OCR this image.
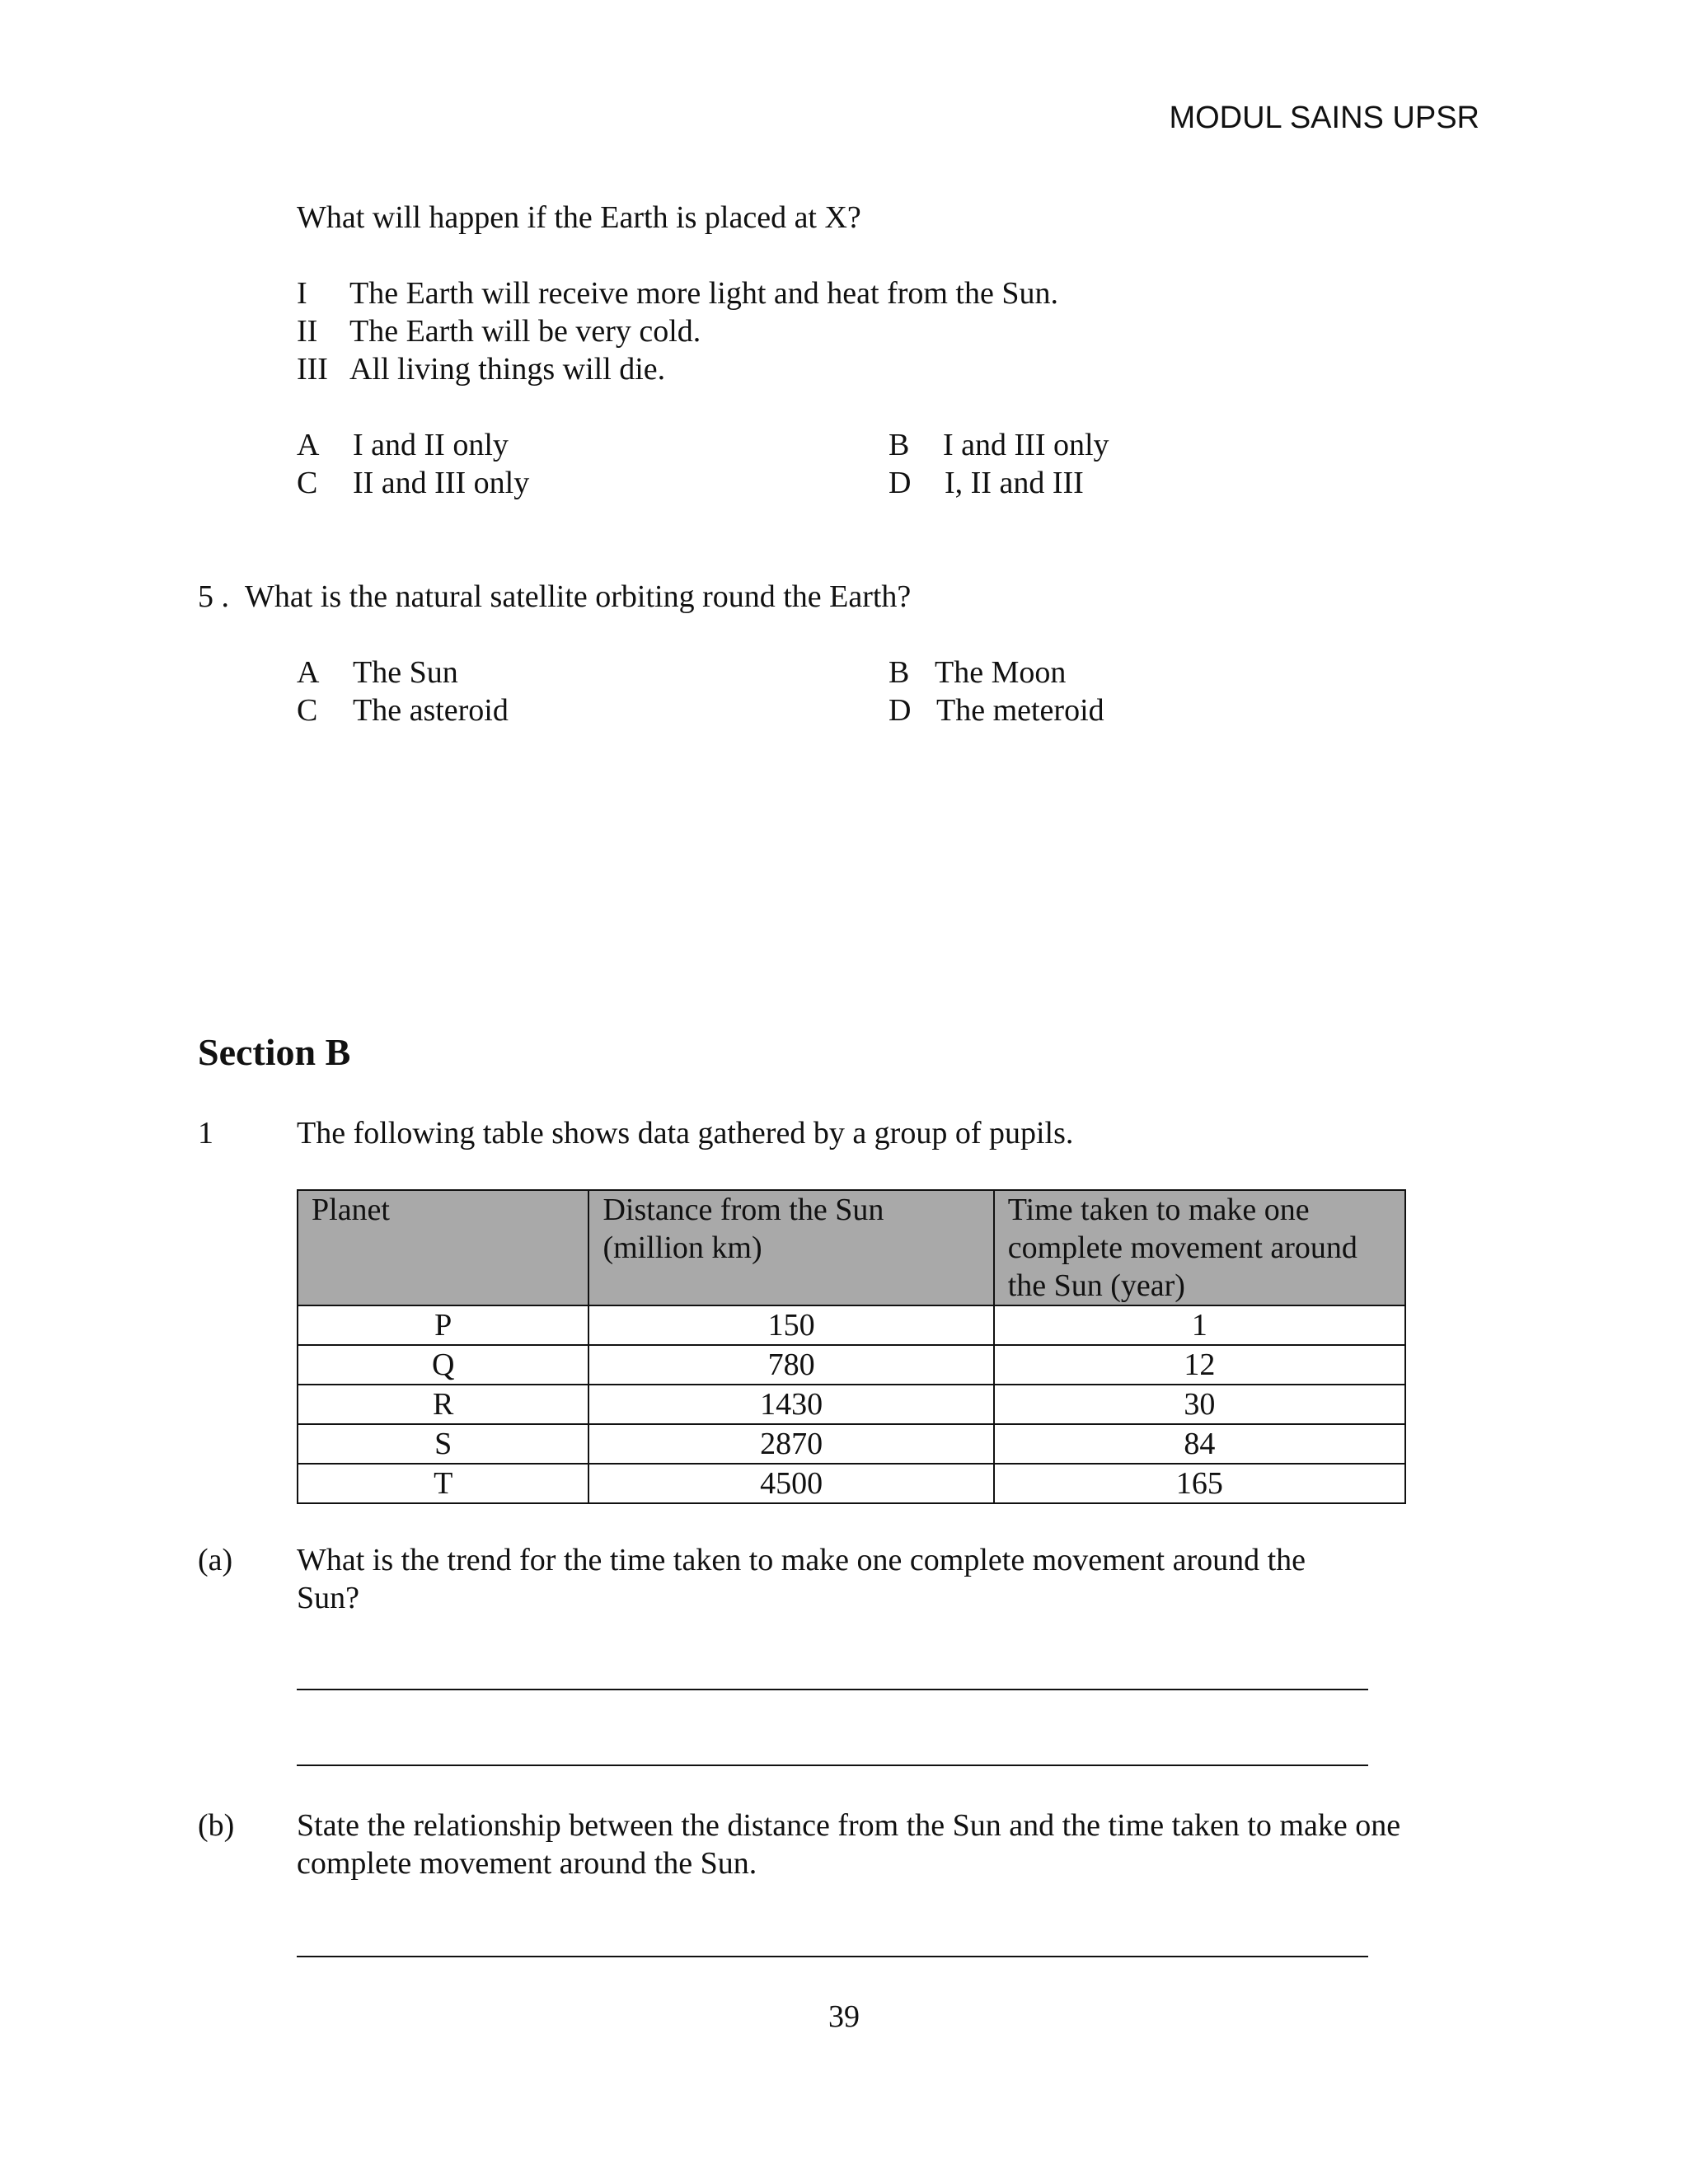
MODUL SAINS UPSR
What will happen if the Earth is placed at X?
I The Earth will receive more light and heat from the Sun.
II The Earth will be very cold.
III All living things will die.
A I and II only	B I and III only
C II and III only	D I, II and III
5 . What is the natural satellite orbiting round the Earth?
A The Sun	B The Moon
C The asteroid	D The meteroid
Section B
1	The following table shows data gathered by a group of pupils.
Planet	Distance from the Sun (million km)	Time taken to make one complete movement around the Sun (year)
P	150	1
Q	780	12
R	1430	30
S	2870	84
T	4500	165
(a) What is the trend for the time taken to make one complete movement around the
Sun?
(b) State the relationship between the distance from the Sun and the time taken to make one
complete movement around the Sun.
39
